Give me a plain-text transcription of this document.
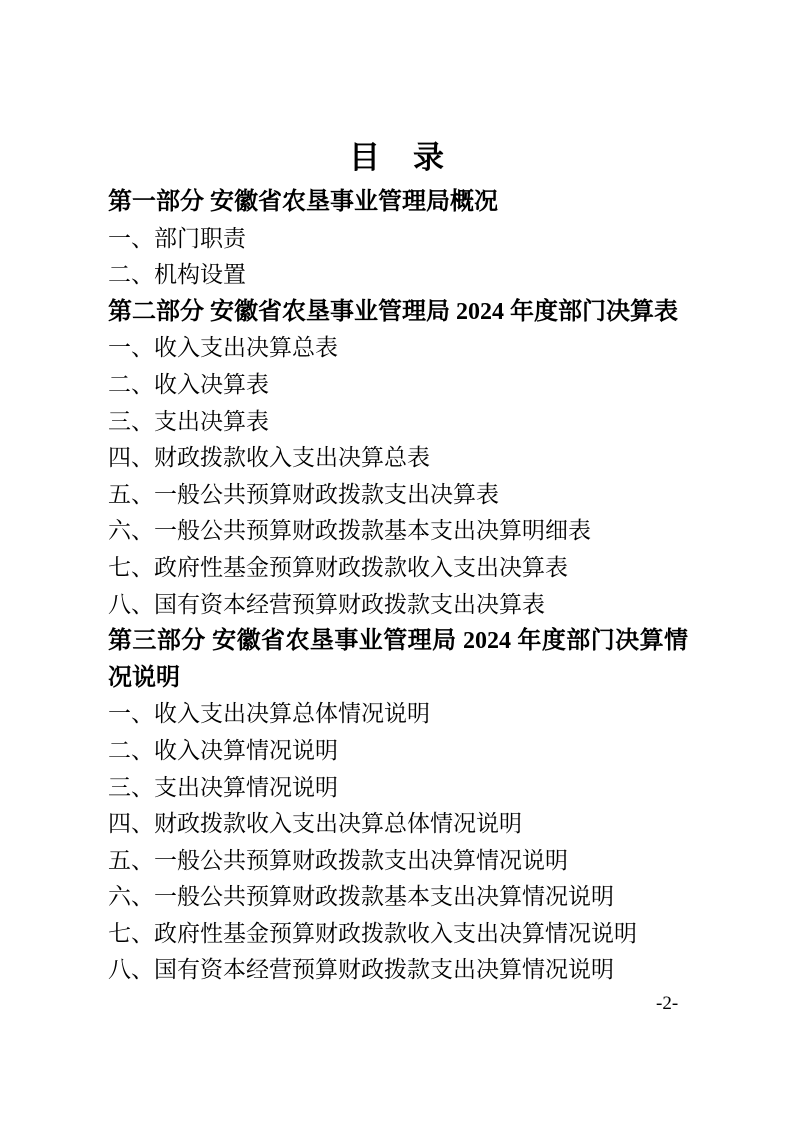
目　录
第一部分 安徽省农垦事业管理局概况
一、部门职责
二、机构设置
第二部分 安徽省农垦事业管理局 2024 年度部门决算表
一、收入支出决算总表
二、收入决算表
三、支出决算表
四、财政拨款收入支出决算总表
五、一般公共预算财政拨款支出决算表
六、一般公共预算财政拨款基本支出决算明细表
七、政府性基金预算财政拨款收入支出决算表
八、国有资本经营预算财政拨款支出决算表
第三部分 安徽省农垦事业管理局 2024 年度部门决算情况说明
一、收入支出决算总体情况说明
二、收入决算情况说明
三、支出决算情况说明
四、财政拨款收入支出决算总体情况说明
五、一般公共预算财政拨款支出决算情况说明
六、一般公共预算财政拨款基本支出决算情况说明
七、政府性基金预算财政拨款收入支出决算情况说明
八、国有资本经营预算财政拨款支出决算情况说明
-2-
